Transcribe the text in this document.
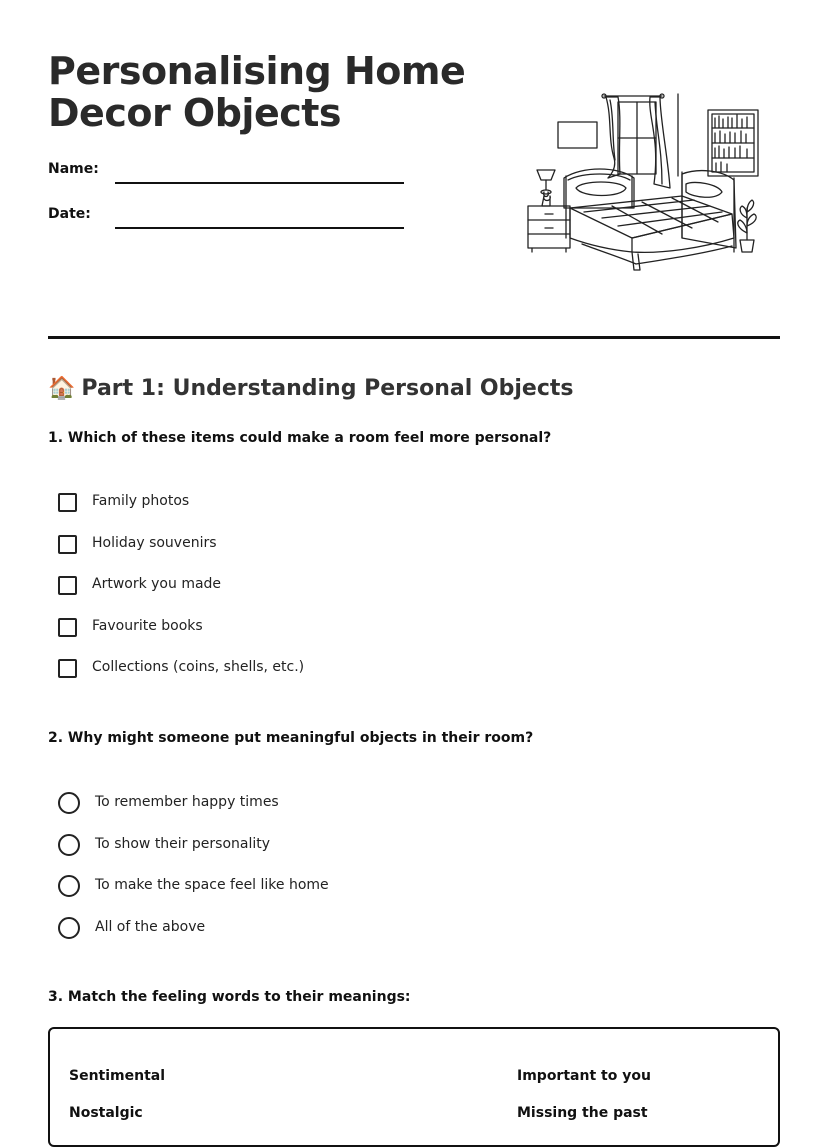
Personalising Home
Decor Objects
Name:
Date:
🏠 Part 1: Understanding Personal Objects

1. Which of these items could make a room feel more personal?

Family photos
Holiday souvenirs
Artwork you made
Favourite books
Collections (coins, shells, etc.)

2. Why might someone put meaningful objects in their room?

To remember happy times
To show their personality
To make the space feel like home
All of the above

3. Match the feeling words to their meanings:

Sentimental	Important to you
Nostalgic	Missing the past
